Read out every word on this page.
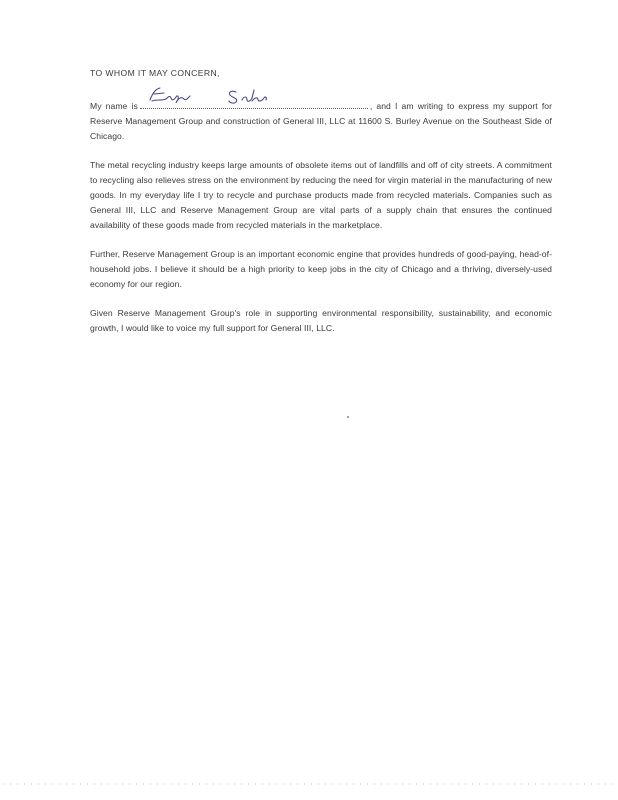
TO WHOM IT MAY CONCERN,

My name is	, and I am writing to express my support for Reserve Management Group and construction of General III, LLC at 11600 S. Burley Avenue on the Southeast Side of Chicago.

The metal recycling industry keeps large amounts of obsolete items out of landfills and off of city streets. A commitment to recycling also relieves stress on the environment by reducing the need for virgin material in the manufacturing of new goods. In my everyday life I try to recycle and purchase products made from recycled materials. Companies such as General III, LLC and Reserve Management Group are vital parts of a supply chain that ensures the continued availability of these goods made from recycled materials in the marketplace.

Further, Reserve Management Group is an important economic engine that provides hundreds of good-paying, head-of-household jobs. I believe it should be a high priority to keep jobs in the city of Chicago and a thriving, diversely-used economy for our region.

Given Reserve Management Group's role in supporting environmental responsibility, sustainability, and economic growth, I would like to voice my full support for General III, LLC.
